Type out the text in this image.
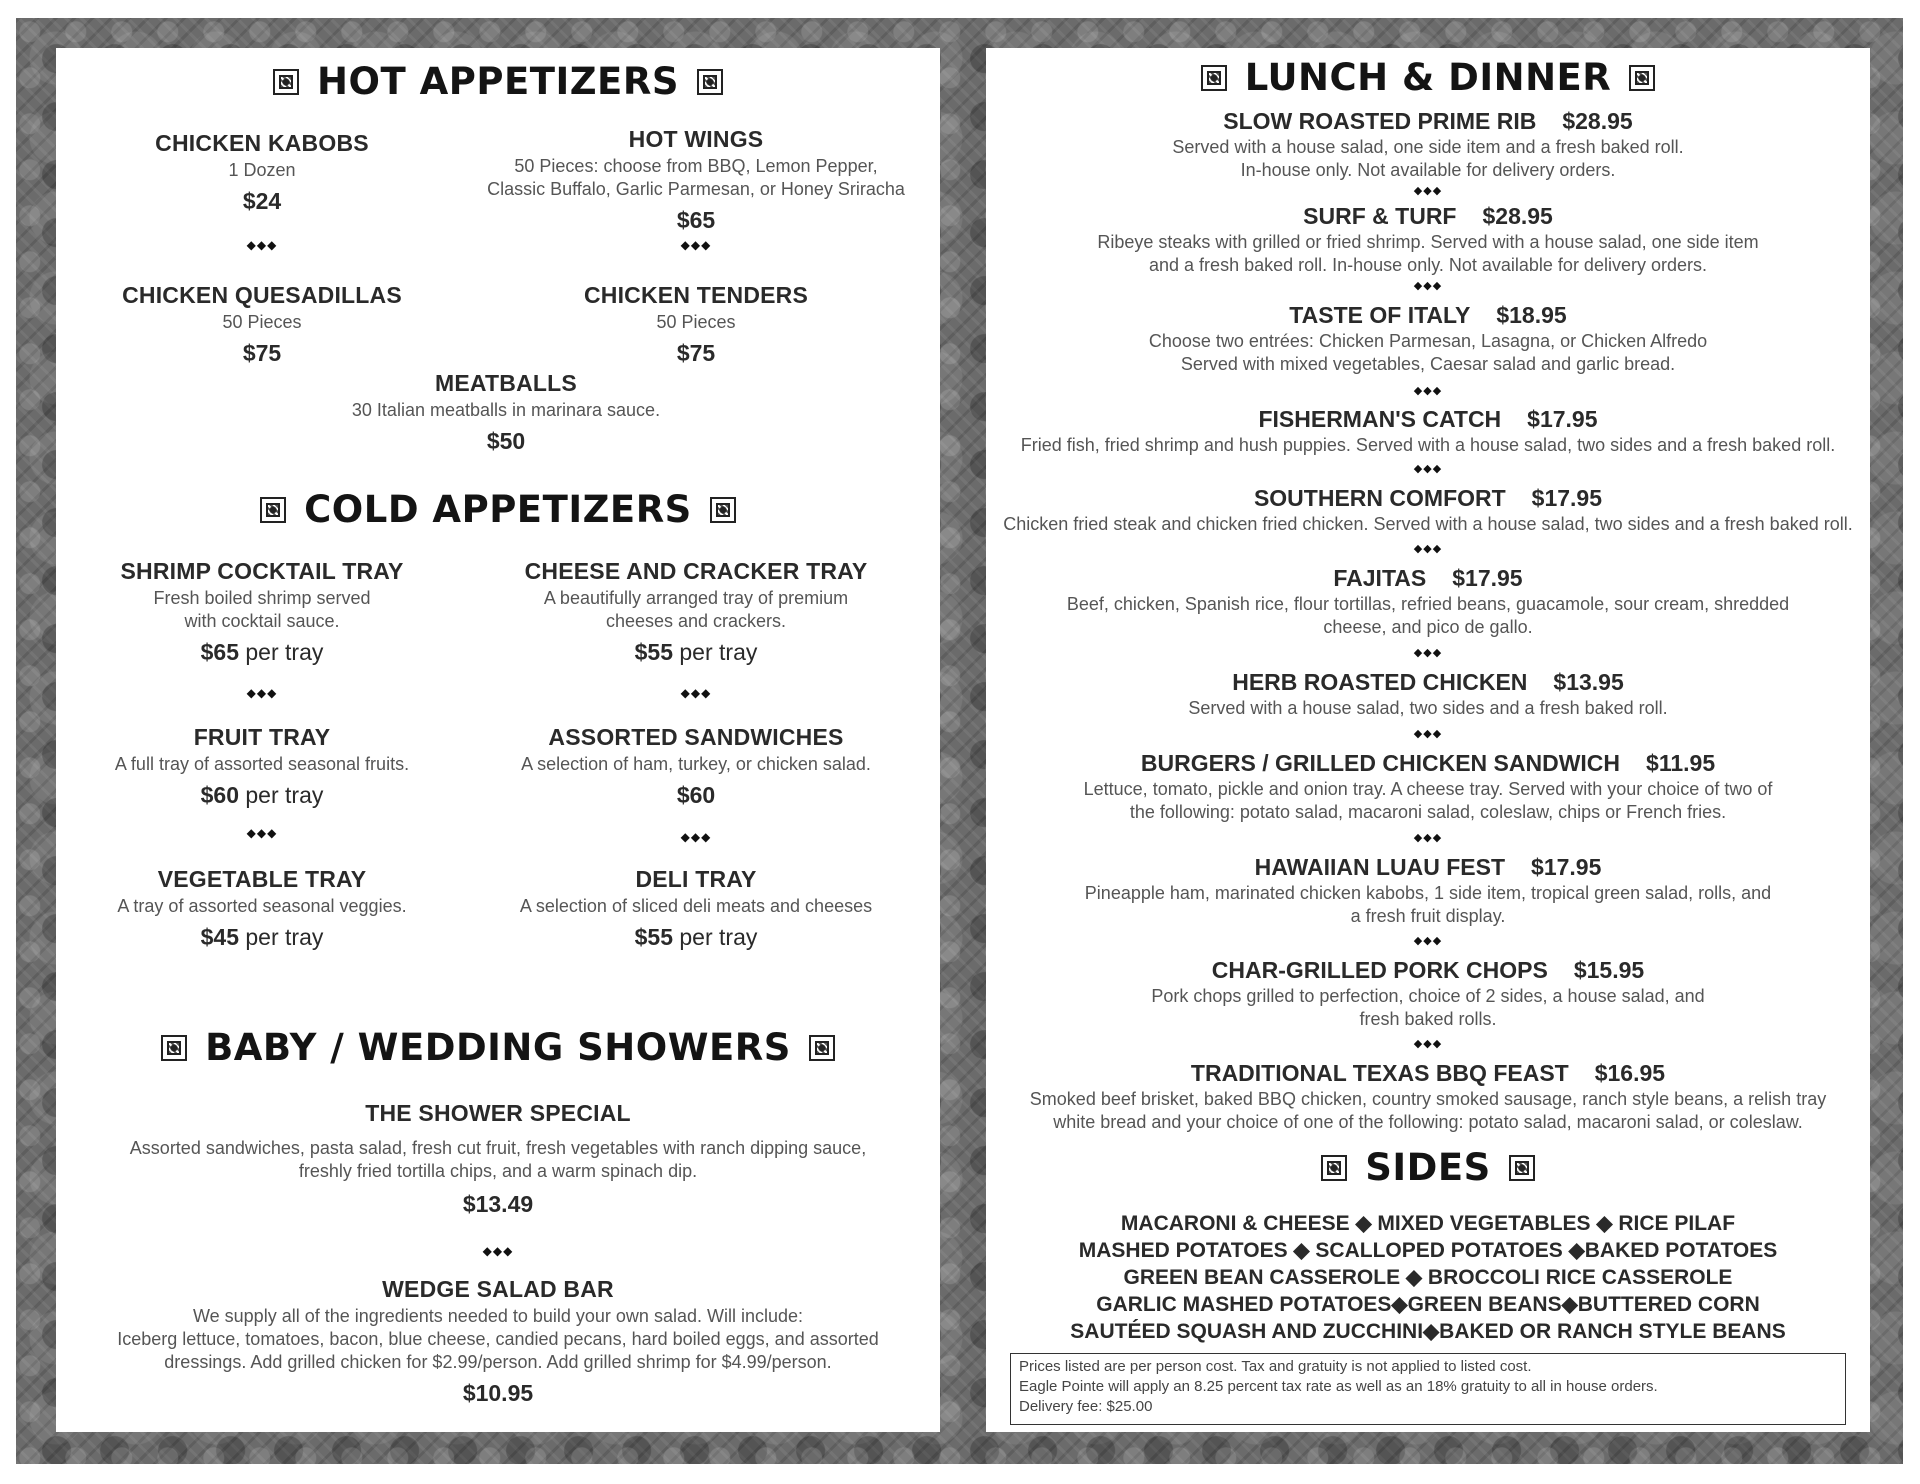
HOT APPETIZERS
CHICKEN KABOBS
1 Dozen
$24
HOT WINGS
50 Pieces: choose from BBQ, Lemon Pepper,
Classic Buffalo, Garlic Parmesan, or Honey Sriracha
$65
◆◆◆	◆◆◆
CHICKEN QUESADILLAS
50 Pieces
$75
CHICKEN TENDERS
50 Pieces
$75
MEATBALLS
30 Italian meatballs in marinara sauce.
$50
COLD APPETIZERS
SHRIMP COCKTAIL TRAY
Fresh boiled shrimp served
with cocktail sauce.
$65 per tray
CHEESE AND CRACKER TRAY
A beautifully arranged tray of premium
cheeses and crackers.
$55 per tray
◆◆◆	◆◆◆
FRUIT TRAY
A full tray of assorted seasonal fruits.
$60 per tray
ASSORTED SANDWICHES
A selection of ham, turkey, or chicken salad.
$60
◆◆◆	◆◆◆
VEGETABLE TRAY
A tray of assorted seasonal veggies.
$45 per tray
DELI TRAY
A selection of sliced deli meats and cheeses
$55 per tray
BABY / WEDDING SHOWERS
THE SHOWER SPECIAL
Assorted sandwiches, pasta salad, fresh cut fruit, fresh vegetables with ranch dipping sauce,
freshly fried tortilla chips, and a warm spinach dip.
$13.49
◆◆◆
WEDGE SALAD BAR
We supply all of the ingredients needed to build your own salad. Will include:
Iceberg lettuce, tomatoes, bacon, blue cheese, candied pecans, hard boiled eggs, and assorted
dressings. Add grilled chicken for $2.99/person. Add grilled shrimp for $4.99/person.
$10.95
LUNCH & DINNER
SLOW ROASTED PRIME RIB $28.95
Served with a house salad, one side item and a fresh baked roll.
In-house only. Not available for delivery orders.
◆◆◆
SURF & TURF $28.95
Ribeye steaks with grilled or fried shrimp. Served with a house salad, one side item
and a fresh baked roll. In-house only. Not available for delivery orders.
◆◆◆
TASTE OF ITALY $18.95
Choose two entrées: Chicken Parmesan, Lasagna, or Chicken Alfredo
Served with mixed vegetables, Caesar salad and garlic bread.
◆◆◆
FISHERMAN'S CATCH $17.95
Fried fish, fried shrimp and hush puppies. Served with a house salad, two sides and a fresh baked roll.
◆◆◆
SOUTHERN COMFORT $17.95
Chicken fried steak and chicken fried chicken. Served with a house salad, two sides and a fresh baked roll.
◆◆◆
FAJITAS $17.95
Beef, chicken, Spanish rice, flour tortillas, refried beans, guacamole, sour cream, shredded
cheese, and pico de gallo.
◆◆◆
HERB ROASTED CHICKEN $13.95
Served with a house salad, two sides and a fresh baked roll.
◆◆◆
BURGERS / GRILLED CHICKEN SANDWICH $11.95
Lettuce, tomato, pickle and onion tray. A cheese tray. Served with your choice of two of
the following: potato salad, macaroni salad, coleslaw, chips or French fries.
◆◆◆
HAWAIIAN LUAU FEST $17.95
Pineapple ham, marinated chicken kabobs, 1 side item, tropical green salad, rolls, and
a fresh fruit display.
◆◆◆
CHAR-GRILLED PORK CHOPS $15.95
Pork chops grilled to perfection, choice of 2 sides, a house salad, and
fresh baked rolls.
◆◆◆
TRADITIONAL TEXAS BBQ FEAST $16.95
Smoked beef brisket, baked BBQ chicken, country smoked sausage, ranch style beans, a relish tray
white bread and your choice of one of the following: potato salad, macaroni salad, or coleslaw.
SIDES
MACARONI & CHEESE ◆ MIXED VEGETABLES ◆ RICE PILAF
MASHED POTATOES ◆ SCALLOPED POTATOES ◆BAKED POTATOES
GREEN BEAN CASSEROLE ◆ BROCCOLI RICE CASSEROLE
GARLIC MASHED POTATOES◆GREEN BEANS◆BUTTERED CORN
SAUTÉED SQUASH AND ZUCCHINI◆BAKED OR RANCH STYLE BEANS
Prices listed are per person cost. Tax and gratuity is not applied to listed cost.
Eagle Pointe will apply an 8.25 percent tax rate as well as an 18% gratuity to all in house orders.
Delivery fee: $25.00
